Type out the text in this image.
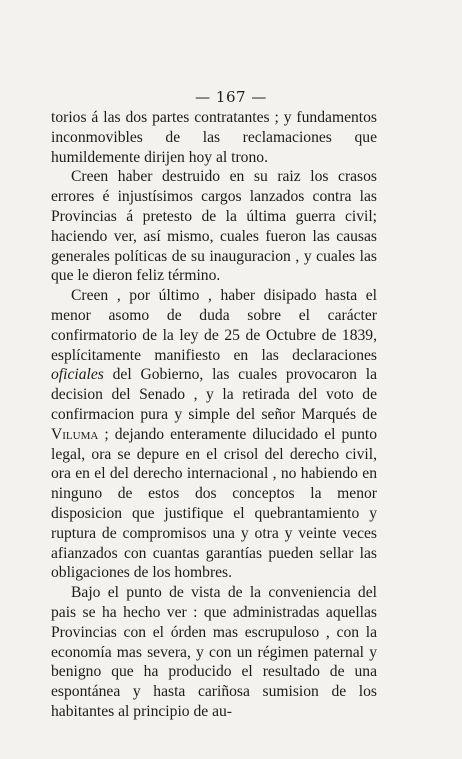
— 167 —

torios á las dos partes contratantes ; y fundamentos inconmovibles de las reclamaciones que humildemente dirijen hoy al trono.

Creen haber destruido en su raiz los crasos errores é injustísimos cargos lanzados contra las Provincias á pretesto de la última guerra civil; haciendo ver, así mismo, cuales fueron las causas generales políticas de su inauguracion , y cuales las que le dieron feliz término.

Creen , por último , haber disipado hasta el menor asomo de duda sobre el carácter confirmatorio de la ley de 25 de Octubre de 1839, esplícitamente manifiesto en las declaraciones oficiales del Gobierno, las cuales provocaron la decision del Senado , y la retirada del voto de confirmacion pura y simple del señor Marqués de Viluma ; dejando enteramente dilucidado el punto legal, ora se depure en el crisol del derecho civil, ora en el del derecho internacional , no habiendo en ninguno de estos dos conceptos la menor disposicion que justifique el quebrantamiento y ruptura de compromisos una y otra y veinte veces afianzados con cuantas garantías pueden sellar las obligaciones de los hombres.

Bajo el punto de vista de la conveniencia del pais se ha hecho ver : que administradas aquellas Provincias con el órden mas escrupuloso , con la economía mas severa, y con un régimen paternal y benigno que ha producido el resultado de una espontánea y hasta cariñosa sumision de los habitantes al principio de au-
